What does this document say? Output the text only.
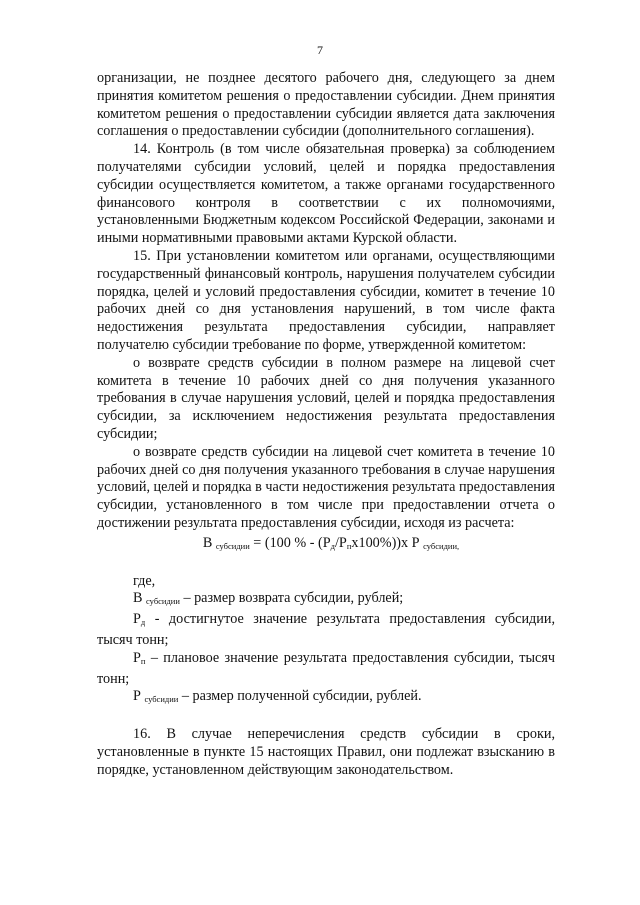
7

организации, не позднее десятого рабочего дня, следующего за днем принятия комитетом решения о предоставлении субсидии. Днем принятия комитетом решения о предоставлении субсидии является дата заключения соглашения о предоставлении субсидии (дополнительного соглашения).

14. Контроль (в том числе обязательная проверка) за соблюдением получателями субсидии условий, целей и порядка предоставления субсидии осуществляется комитетом, а также органами государственного финансового контроля в соответствии с их полномочиями, установленными Бюджетным кодексом Российской Федерации, законами и иными нормативными правовыми актами Курской области.

15. При установлении комитетом или органами, осуществляющими государственный финансовый контроль, нарушения получателем субсидии порядка, целей и условий предоставления субсидии, комитет в течение 10 рабочих дней со дня установления нарушений, в том числе факта недостижения результата предоставления субсидии, направляет получателю субсидии требование по форме, утвержденной комитетом:

о возврате средств субсидии в полном размере на лицевой счет комитета в течение 10 рабочих дней со дня получения указанного требования в случае нарушения условий, целей и порядка предоставления субсидии, за исключением недостижения результата предоставления субсидии;

о возврате средств субсидии на лицевой счет комитета в течение 10 рабочих дней со дня получения указанного требования в случае нарушения условий, целей и порядка в части недостижения результата предоставления субсидии, установленного в том числе при предоставлении отчета о достижении результата предоставления субсидии, исходя из расчета:

В $_{субсидии}$ = (100 % - $(Р_д/Р_пх100\%))х$ Р $_{субсидии,}$

где,

В $_{субсидии}$ – размер возврата субсидии, рублей;

$Р_д$ - достигнутое значение результата предоставления субсидии, тысяч тонн;

$Р_п$ – плановое значение результата предоставления субсидии, тысяч тонн;

Р $_{субсидии}$ – размер полученной субсидии, рублей.

16. В случае неперечисления средств субсидии в сроки, установленные в пункте 15 настоящих Правил, они подлежат взысканию в порядке, установленном действующим законодательством.
